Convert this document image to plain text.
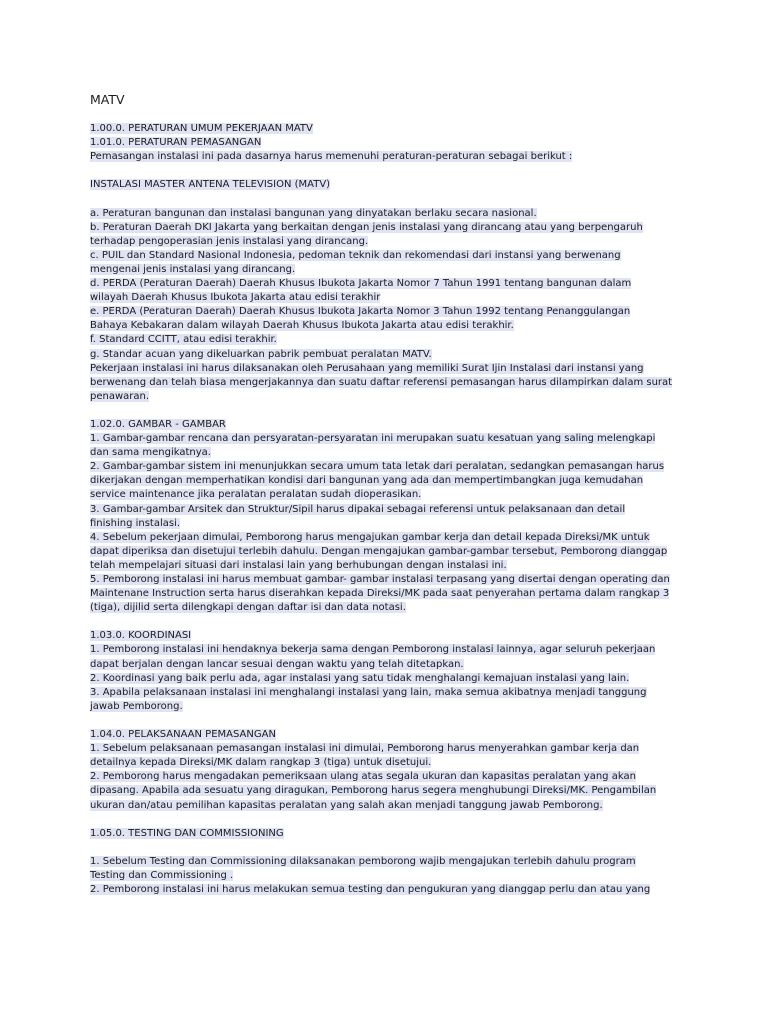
MATV
1.00.0. PERATURAN UMUM PEKERJAAN MATV
1.01.0. PERATURAN PEMASANGAN
Pemasangan instalasi ini pada dasarnya harus memenuhi peraturan-peraturan sebagai berikut :
INSTALASI MASTER ANTENA TELEVISION (MATV)
a. Peraturan bangunan dan instalasi bangunan yang dinyatakan berlaku secara nasional.
b. Peraturan Daerah DKI Jakarta yang berkaitan dengan jenis instalasi yang dirancang atau yang berpengaruh
terhadap pengoperasian jenis instalasi yang dirancang.
c. PUIL dan Standard Nasional Indonesia, pedoman teknik dan rekomendasi dari instansi yang berwenang
mengenai jenis instalasi yang dirancang.
d. PERDA (Peraturan Daerah) Daerah Khusus Ibukota Jakarta Nomor 7 Tahun 1991 tentang bangunan dalam
wilayah Daerah Khusus Ibukota Jakarta atau edisi terakhir
e. PERDA (Peraturan Daerah) Daerah Khusus Ibukota Jakarta Nomor 3 Tahun 1992 tentang Penanggulangan
Bahaya Kebakaran dalam wilayah Daerah Khusus Ibukota Jakarta atau edisi terakhir.
f. Standard CCITT, atau edisi terakhir.
g. Standar acuan yang dikeluarkan pabrik pembuat peralatan MATV.
Pekerjaan instalasi ini harus dilaksanakan oleh Perusahaan yang memiliki Surat Ijin Instalasi dari instansi yang
berwenang dan telah biasa mengerjakannya dan suatu daftar referensi pemasangan harus dilampirkan dalam surat
penawaran.
1.02.0. GAMBAR - GAMBAR
1. Gambar-gambar rencana dan persyaratan-persyaratan ini merupakan suatu kesatuan yang saling melengkapi
dan sama mengikatnya.
2. Gambar-gambar sistem ini menunjukkan secara umum tata letak dari peralatan, sedangkan pemasangan harus
dikerjakan dengan memperhatikan kondisi dari bangunan yang ada dan mempertimbangkan juga kemudahan
service maintenance jika peralatan peralatan sudah dioperasikan.
3. Gambar-gambar Arsitek dan Struktur/Sipil harus dipakai sebagai referensi untuk pelaksanaan dan detail
finishing instalasi.
4. Sebelum pekerjaan dimulai, Pemborong harus mengajukan gambar kerja dan detail kepada Direksi/MK untuk
dapat diperiksa dan disetujui terlebih dahulu. Dengan mengajukan gambar-gambar tersebut, Pemborong dianggap
telah mempelajari situasi dari instalasi lain yang berhubungan dengan instalasi ini.
5. Pemborong instalasi ini harus membuat gambar- gambar instalasi terpasang yang disertai dengan operating dan
Maintenane Instruction serta harus diserahkan kepada Direksi/MK pada saat penyerahan pertama dalam rangkap 3
(tiga), dijilid serta dilengkapi dengan daftar isi dan data notasi.
1.03.0. KOORDINASI
1. Pemborong instalasi ini hendaknya bekerja sama dengan Pemborong instalasi lainnya, agar seluruh pekerjaan
dapat berjalan dengan lancar sesuai dengan waktu yang telah ditetapkan.
2. Koordinasi yang baik perlu ada, agar instalasi yang satu tidak menghalangi kemajuan instalasi yang lain.
3. Apabila pelaksanaan instalasi ini menghalangi instalasi yang lain, maka semua akibatnya menjadi tanggung
jawab Pemborong.
1.04.0. PELAKSANAAN PEMASANGAN
1. Sebelum pelaksanaan pemasangan instalasi ini dimulai, Pemborong harus menyerahkan gambar kerja dan
detailnya kepada Direksi/MK dalam rangkap 3 (tiga) untuk disetujui.
2. Pemborong harus mengadakan pemeriksaan ulang atas segala ukuran dan kapasitas peralatan yang akan
dipasang. Apabila ada sesuatu yang diragukan, Pemborong harus segera menghubungi Direksi/MK. Pengambilan
ukuran dan/atau pemilihan kapasitas peralatan yang salah akan menjadi tanggung jawab Pemborong.
1.05.0. TESTING DAN COMMISSIONING
1. Sebelum Testing dan Commissioning dilaksanakan pemborong wajib mengajukan terlebih dahulu program
Testing dan Commissioning .
2. Pemborong instalasi ini harus melakukan semua testing dan pengukuran yang dianggap perlu dan atau yang
